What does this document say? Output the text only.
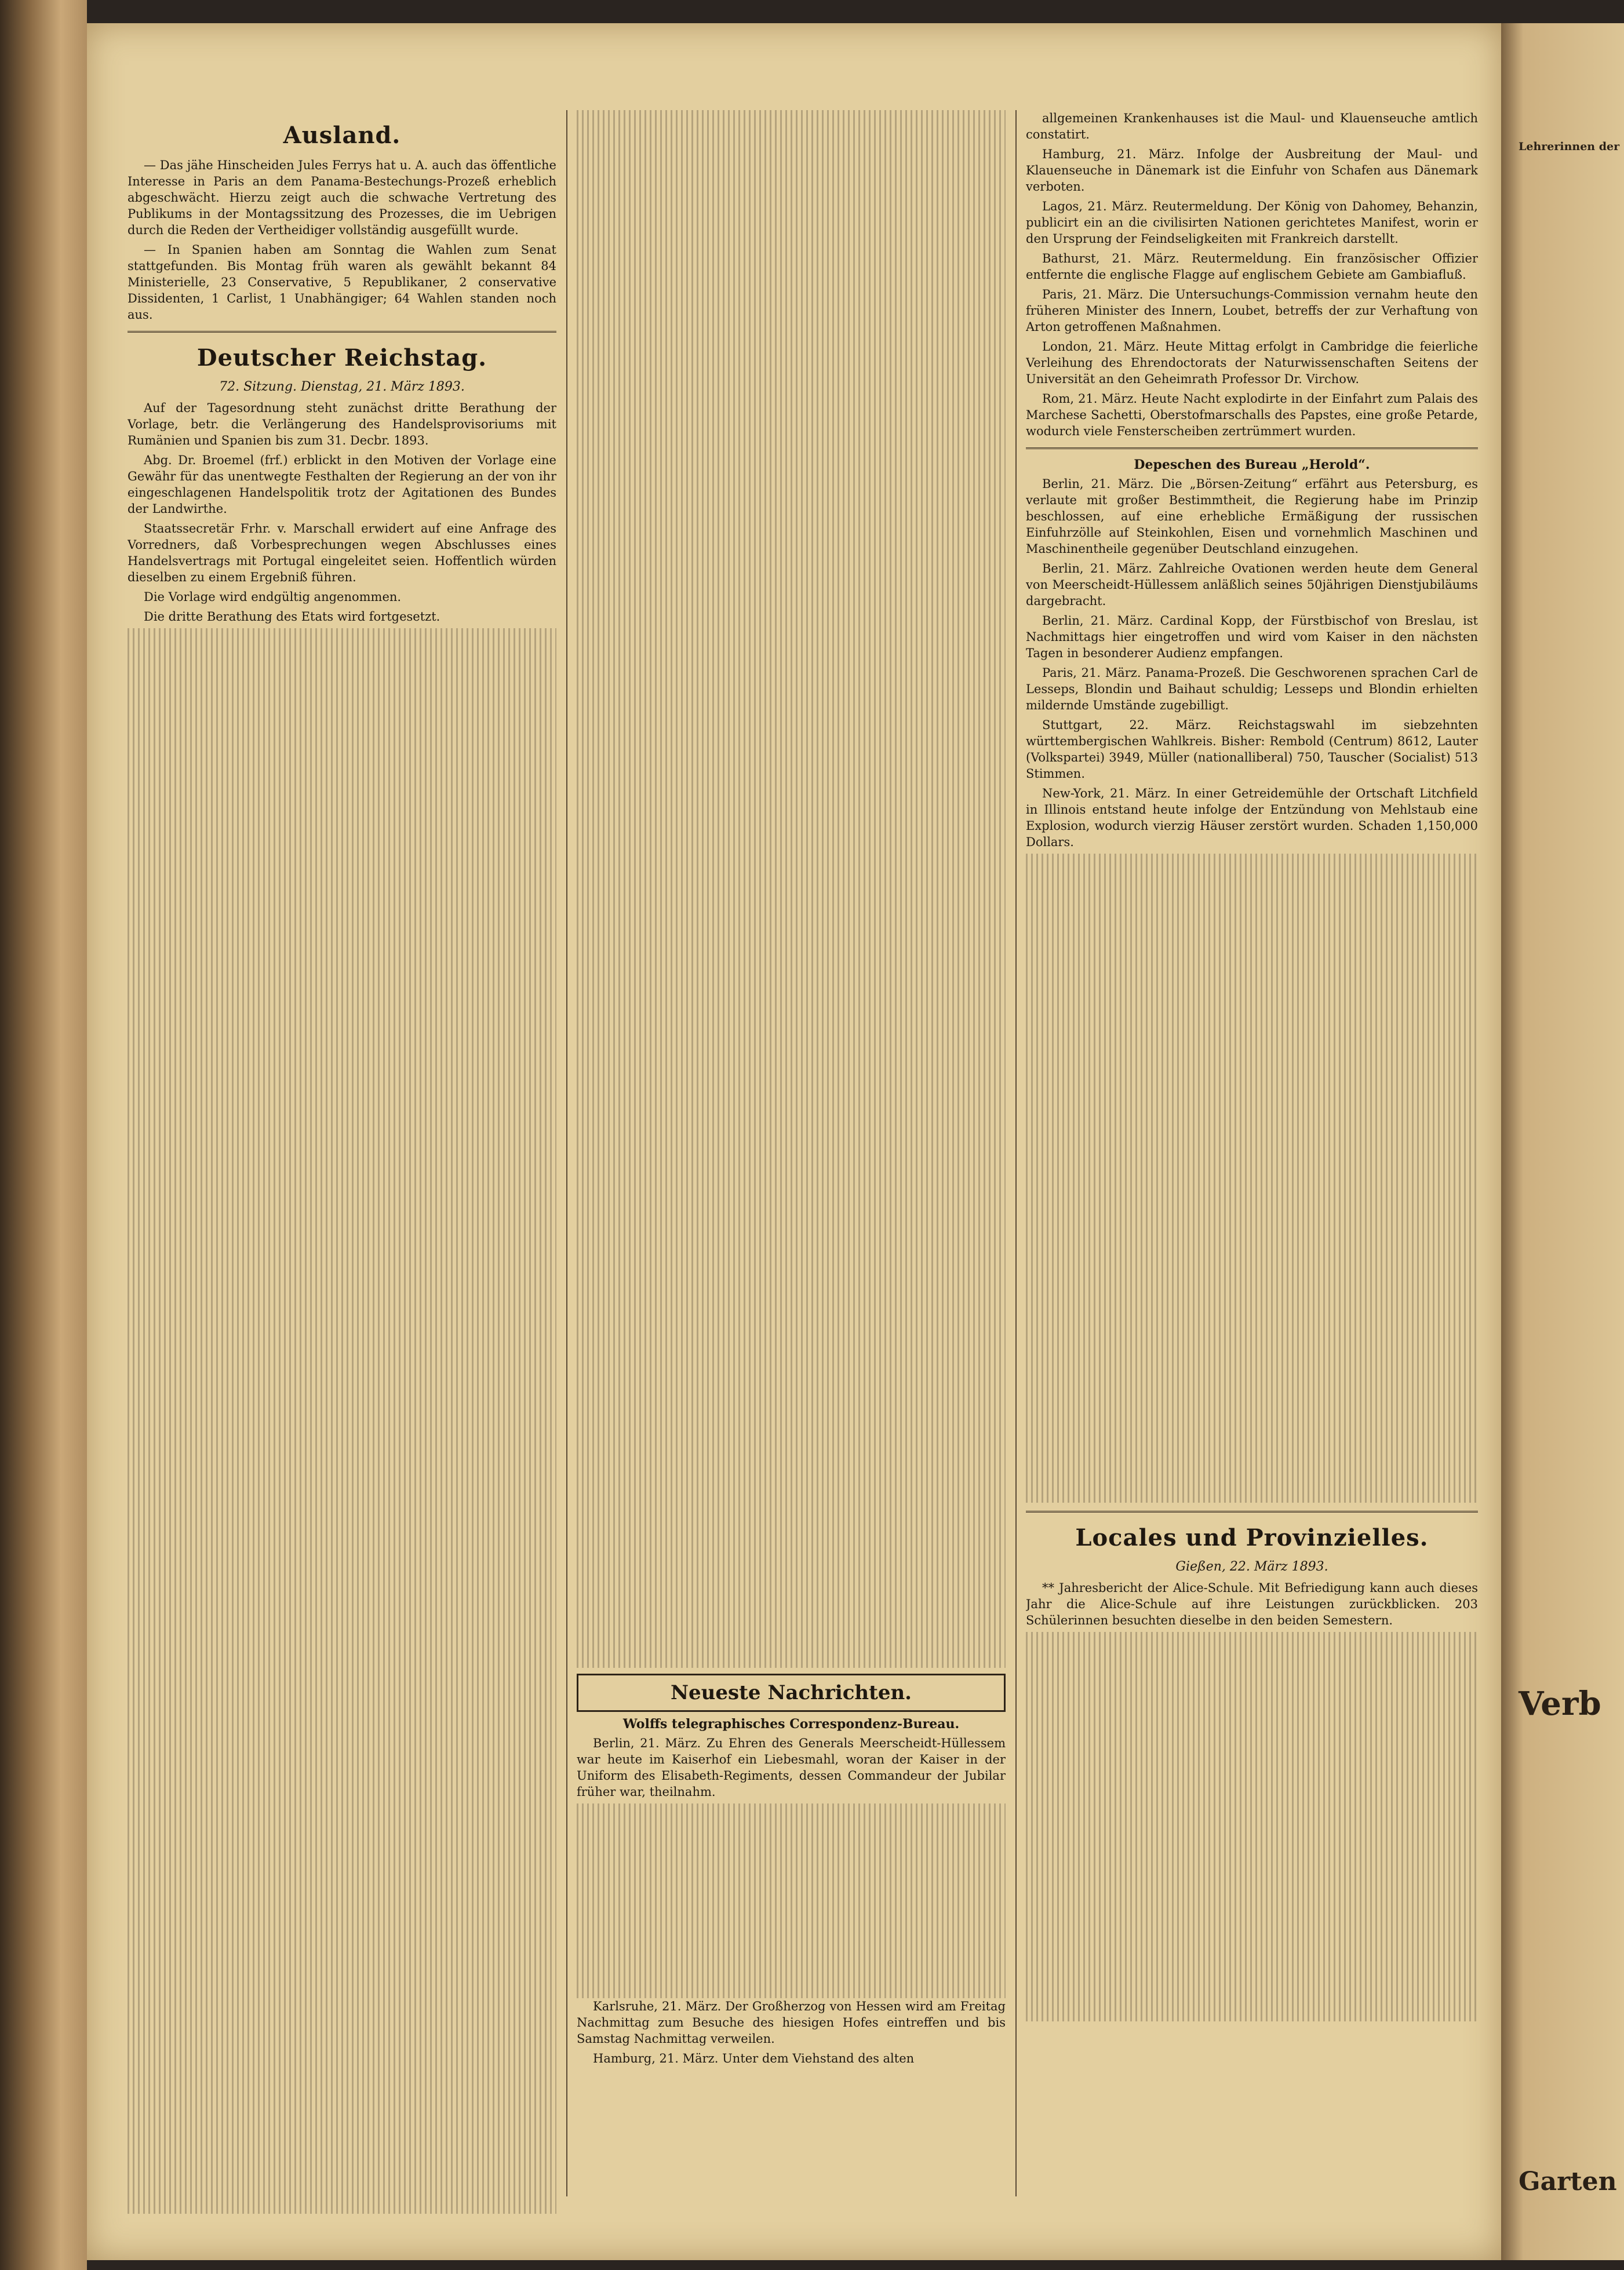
Ausland.

— Das jähe Hinscheiden Jules Ferrys hat u. A. auch das öffentliche Interesse in Paris an dem Panama-Bestechungs-Prozeß erheblich abgeschwächt. Hierzu zeigt auch die schwache Vertretung des Publikums in der Montagssitzung des Prozesses, die im Uebrigen durch die Reden der Vertheidiger vollständig ausgefüllt wurde.

— In Spanien haben am Sonntag die Wahlen zum Senat stattgefunden. Bis Montag früh waren als gewählt bekannt 84 Ministerielle, 23 Conservative, 5 Republikaner, 2 conservative Dissidenten, 1 Carlist, 1 Unabhängiger; 64 Wahlen standen noch aus.

Deutscher Reichstag.
72. Sitzung. Dienstag, 21. März 1893.

Auf der Tagesordnung steht zunächst dritte Berathung der Vorlage, betr. die Verlängerung des Handelsprovisoriums mit Rumänien und Spanien bis zum 31. Decbr. 1893.

Abg. Dr. Broemel (frf.) erblickt in den Motiven der Vorlage eine Gewähr für das unentwegte Festhalten der Regierung an der von ihr eingeschlagenen Handelspolitik trotz der Agitationen des Bundes der Landwirthe.

Staatssecretär Frhr. v. Marschall erwidert auf eine Anfrage des Vorredners, daß Vorbesprechungen wegen Abschlusses eines Handelsvertrags mit Portugal eingeleitet seien. Hoffentlich würden dieselben zu einem Ergebniß führen.

Die Vorlage wird endgültig angenommen.

Die dritte Berathung des Etats wird fortgesetzt.

Neueste Nachrichten.
Wolffs telegraphisches Correspondenz-Bureau.

Berlin, 21. März. Zu Ehren des Generals Meerscheidt-Hüllessem war heute im Kaiserhof ein Liebesmahl, woran der Kaiser in der Uniform des Elisabeth-Regiments, dessen Commandeur der Jubilar früher war, theilnahm.

Karlsruhe, 21. März. Der Großherzog von Hessen wird am Freitag Nachmittag zum Besuche des hiesigen Hofes eintreffen und bis Samstag Nachmittag verweilen.

Hamburg, 21. März. Unter dem Viehstand des alten

allgemeinen Krankenhauses ist die Maul- und Klauenseuche amtlich constatirt.

Hamburg, 21. März. Infolge der Ausbreitung der Maul- und Klauenseuche in Dänemark ist die Einfuhr von Schafen aus Dänemark verboten.

Lagos, 21. März. Reutermeldung. Der König von Dahomey, Behanzin, publicirt ein an die civilisirten Nationen gerichtetes Manifest, worin er den Ursprung der Feindseligkeiten mit Frankreich darstellt.

Bathurst, 21. März. Reutermeldung. Ein französischer Offizier entfernte die englische Flagge auf englischem Gebiete am Gambiafluß.

Paris, 21. März. Die Untersuchungs-Commission vernahm heute den früheren Minister des Innern, Loubet, betreffs der zur Verhaftung von Arton getroffenen Maßnahmen.

London, 21. März. Heute Mittag erfolgt in Cambridge die feierliche Verleihung des Ehrendoctorats der Naturwissenschaften Seitens der Universität an den Geheimrath Professor Dr. Virchow.

Rom, 21. März. Heute Nacht explodirte in der Einfahrt zum Palais des Marchese Sachetti, Oberstofmarschalls des Papstes, eine große Petarde, wodurch viele Fensterscheiben zertrümmert wurden.

Depeschen des Bureau „Herold“.

Berlin, 21. März. Die „Börsen-Zeitung“ erfährt aus Petersburg, es verlaute mit großer Bestimmtheit, die Regierung habe im Prinzip beschlossen, auf eine erhebliche Ermäßigung der russischen Einfuhrzölle auf Steinkohlen, Eisen und vornehmlich Maschinen und Maschinentheile gegenüber Deutschland einzugehen.

Berlin, 21. März. Zahlreiche Ovationen werden heute dem General von Meerscheidt-Hüllessem anläßlich seines 50jährigen Dienstjubiläums dargebracht.

Berlin, 21. März. Cardinal Kopp, der Fürstbischof von Breslau, ist Nachmittags hier eingetroffen und wird vom Kaiser in den nächsten Tagen in besonderer Audienz empfangen.

Paris, 21. März. Panama-Prozeß. Die Geschworenen sprachen Carl de Lesseps, Blondin und Baihaut schuldig; Lesseps und Blondin erhielten mildernde Umstände zugebilligt.

Stuttgart, 22. März. Reichstagswahl im siebzehnten württembergischen Wahlkreis. Bisher: Rembold (Centrum) 8612, Lauter (Volkspartei) 3949, Müller (nationalliberal) 750, Tauscher (Socialist) 513 Stimmen.

New-York, 21. März. In einer Getreidemühle der Ortschaft Litchfield in Illinois entstand heute infolge der Entzündung von Mehlstaub eine Explosion, wodurch vierzig Häuser zerstört wurden. Schaden 1,150,000 Dollars.

Locales und Provinzielles.
Gießen, 22. März 1893.

** Jahresbericht der Alice-Schule. Mit Befriedigung kann auch dieses Jahr die Alice-Schule auf ihre Leistungen zurückblicken. 203 Schülerinnen besuchten dieselbe in den beiden Semestern.

Lehrerinnen der
Verb
Garten
